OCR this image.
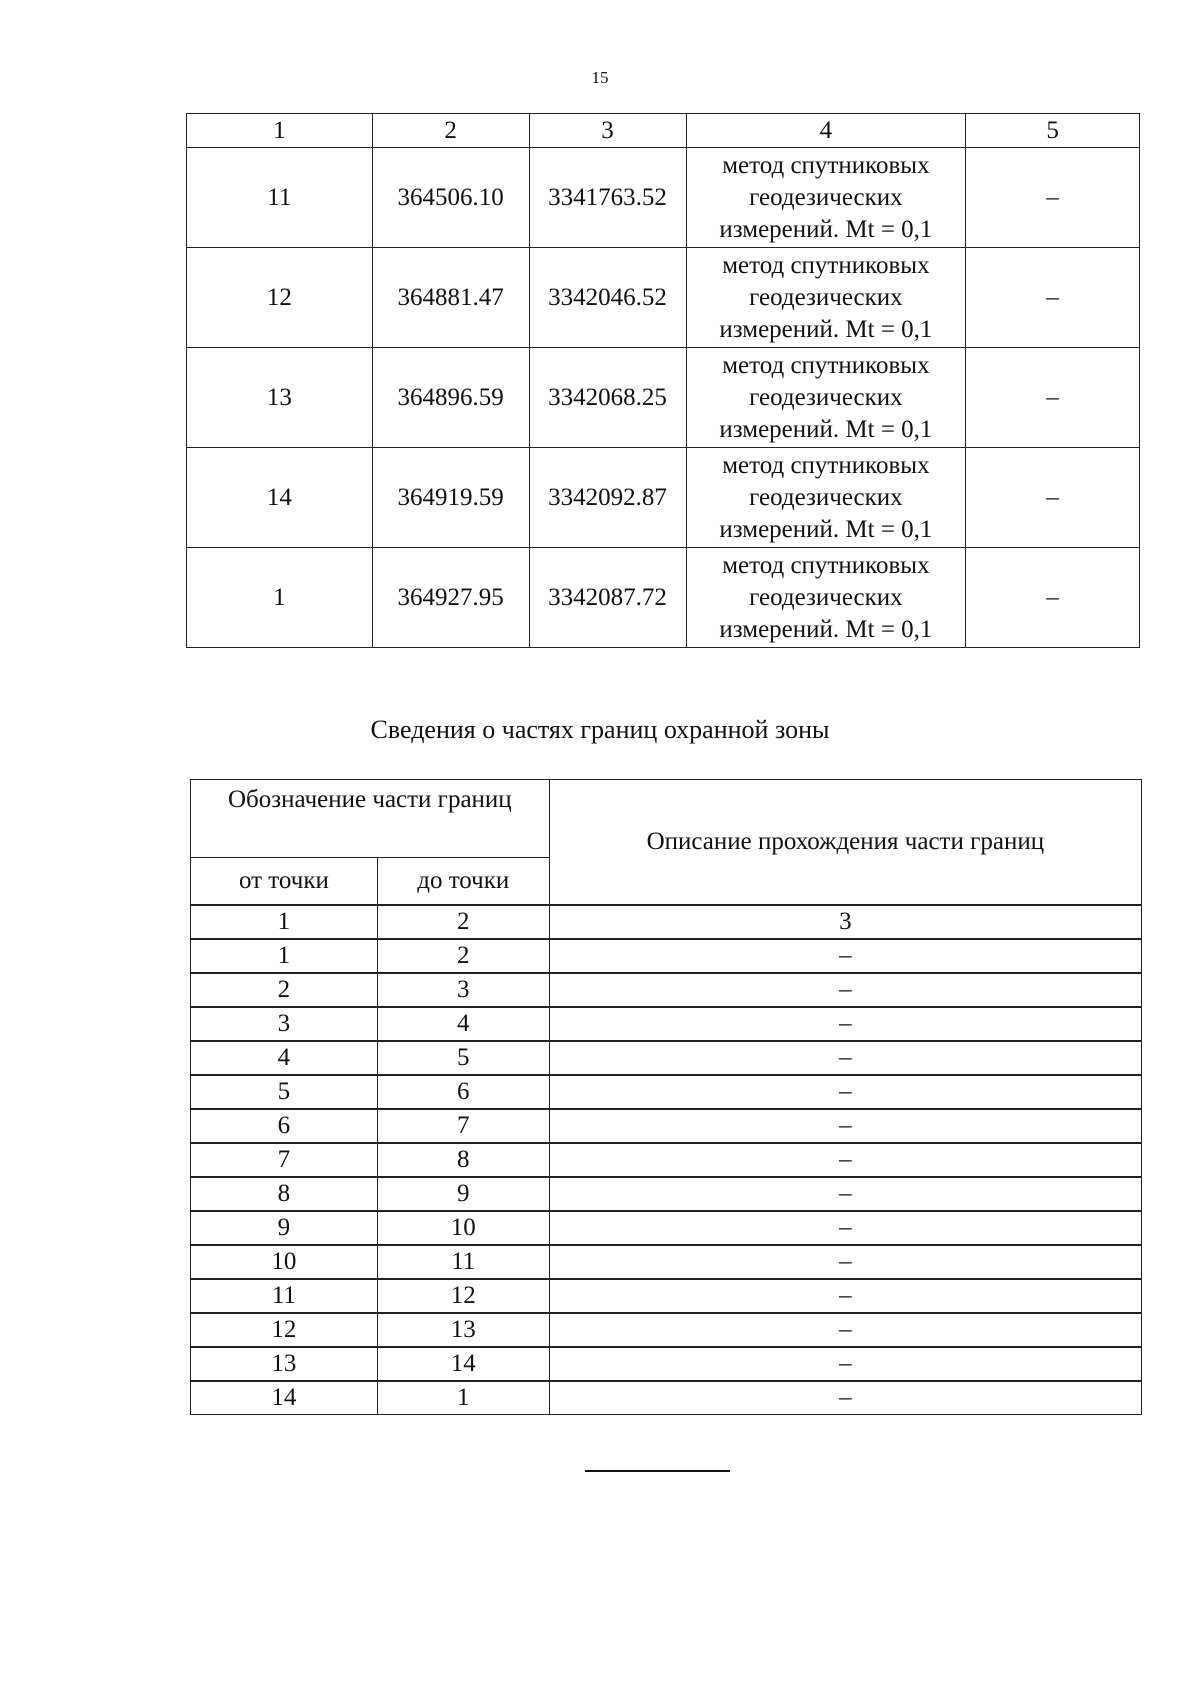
15
1	2	3	4	5
11	364506.10	3341763.52	метод спутниковых
геодезических
измерений. Mt = 0,1	–
12	364881.47	3342046.52	метод спутниковых
геодезических
измерений. Mt = 0,1	–
13	364896.59	3342068.25	метод спутниковых
геодезических
измерений. Mt = 0,1	–
14	364919.59	3342092.87	метод спутниковых
геодезических
измерений. Mt = 0,1	–
1	364927.95	3342087.72	метод спутниковых
геодезических
измерений. Mt = 0,1	–
Сведения о частях границ охранной зоны
Обозначение части границ		Описание прохождения части границ
от точки	до точки	
1	2	3
1	2	–
2	3	–
3	4	–
4	5	–
5	6	–
6	7	–
7	8	–
8	9	–
9	10	–
10	11	–
11	12	–
12	13	–
13	14	–
14	1	–
